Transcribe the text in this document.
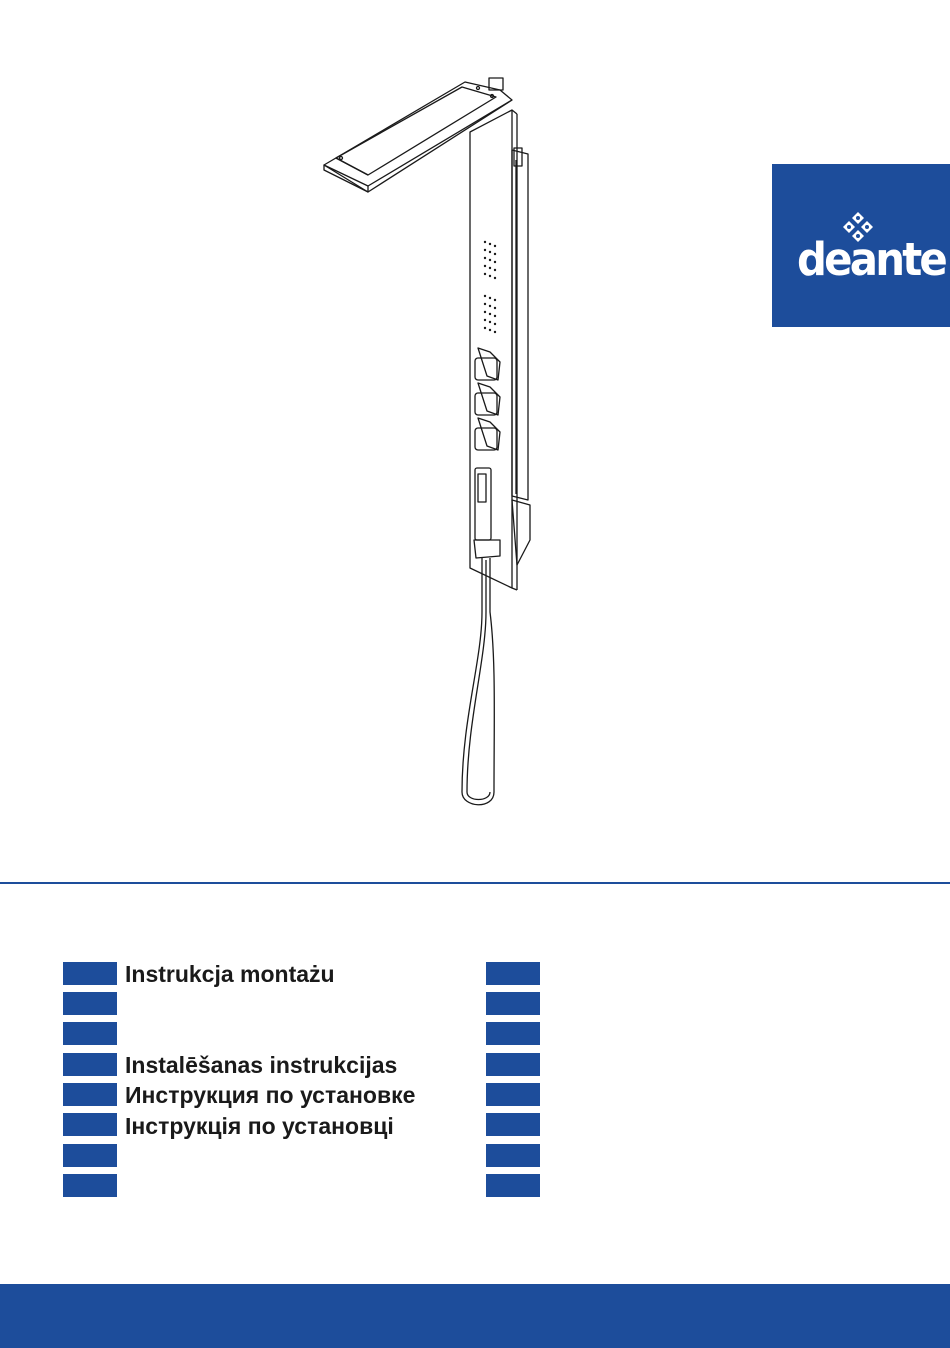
deante
Instrukcja montażu
Instalēšanas instrukcijas
Инструкция по установке
Інструкція по установці
